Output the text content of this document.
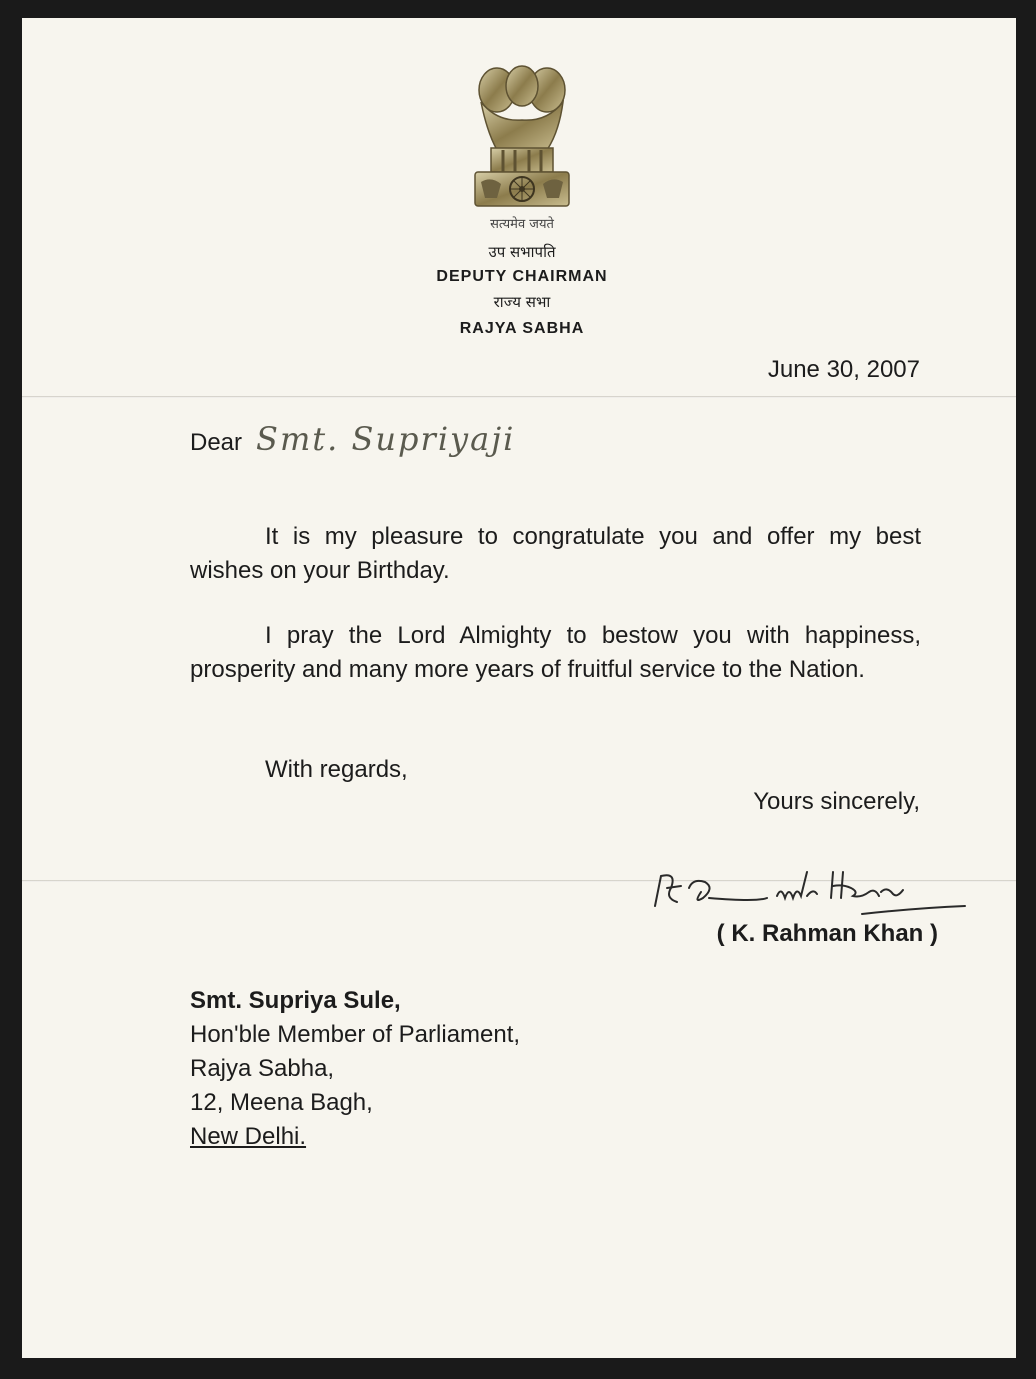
सत्यमेव जयते
उप सभापति
DEPUTY CHAIRMAN
राज्य सभा
RAJYA SABHA
June 30, 2007
Dear Smt. Supriyaji

It is my pleasure to congratulate you and offer my best wishes on your Birthday.

I pray the Lord Almighty to bestow you with happiness, prosperity and many more years of fruitful service to the Nation.

With regards,
Yours sincerely,
( K. Rahman Khan )
Smt. Supriya Sule,
Hon'ble Member of Parliament,
Rajya Sabha,
12, Meena Bagh,
New Delhi.
